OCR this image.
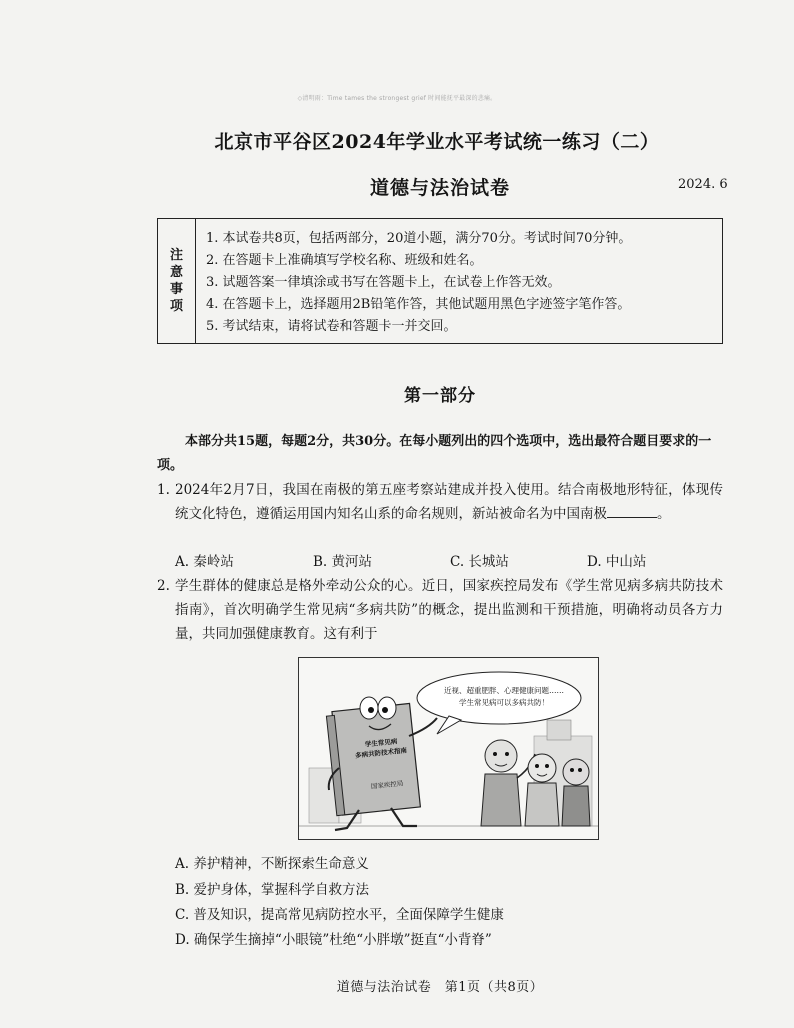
◇清明雨：Time tames the strongest grief 时间能抚平最深的悲痛。
北京市平谷区2024年学业水平考试统一练习（二）
道德与法治试卷	2024. 6
注
意
事
项
1. 本试卷共8页，包括两部分，20道小题，满分70分。考试时间70分钟。
2. 在答题卡上准确填写学校名称、班级和姓名。
3. 试题答案一律填涂或书写在答题卡上，在试卷上作答无效。
4. 在答题卡上，选择题用2B铅笔作答，其他试题用黑色字迹签字笔作答。
5. 考试结束，请将试卷和答题卡一并交回。
第一部分
本部分共15题，每题2分，共30分。在每小题列出的四个选项中，选出最符合题目要求的一项。
1. 2024年2月7日，我国在南极的第五座考察站建成并投入使用。结合南极地形特征，体现传统文化特色，遵循运用国内知名山系的命名规则，新站被命名为中国南极	。
A. 秦岭站	B. 黄河站	C. 长城站	D. 中山站
2. 学生群体的健康总是格外牵动公众的心。近日，国家疾控局发布《学生常见病多病共防技术指南》，首次明确学生常见病“多病共防”的概念，提出监测和干预措施，明确将动员各方力量，共同加强健康教育。这有利于
近视、超重肥胖、心理健康问题……
学生常见病可以多病共防！
学生常见病
多病共防技术指南
国家疾控局
A. 养护精神，不断探索生命意义
B. 爱护身体，掌握科学自救方法
C. 普及知识，提高常见病防控水平，全面保障学生健康
D. 确保学生摘掉“小眼镜”杜绝“小胖墩”挺直“小背脊”
道德与法治试卷　第1页（共8页）
